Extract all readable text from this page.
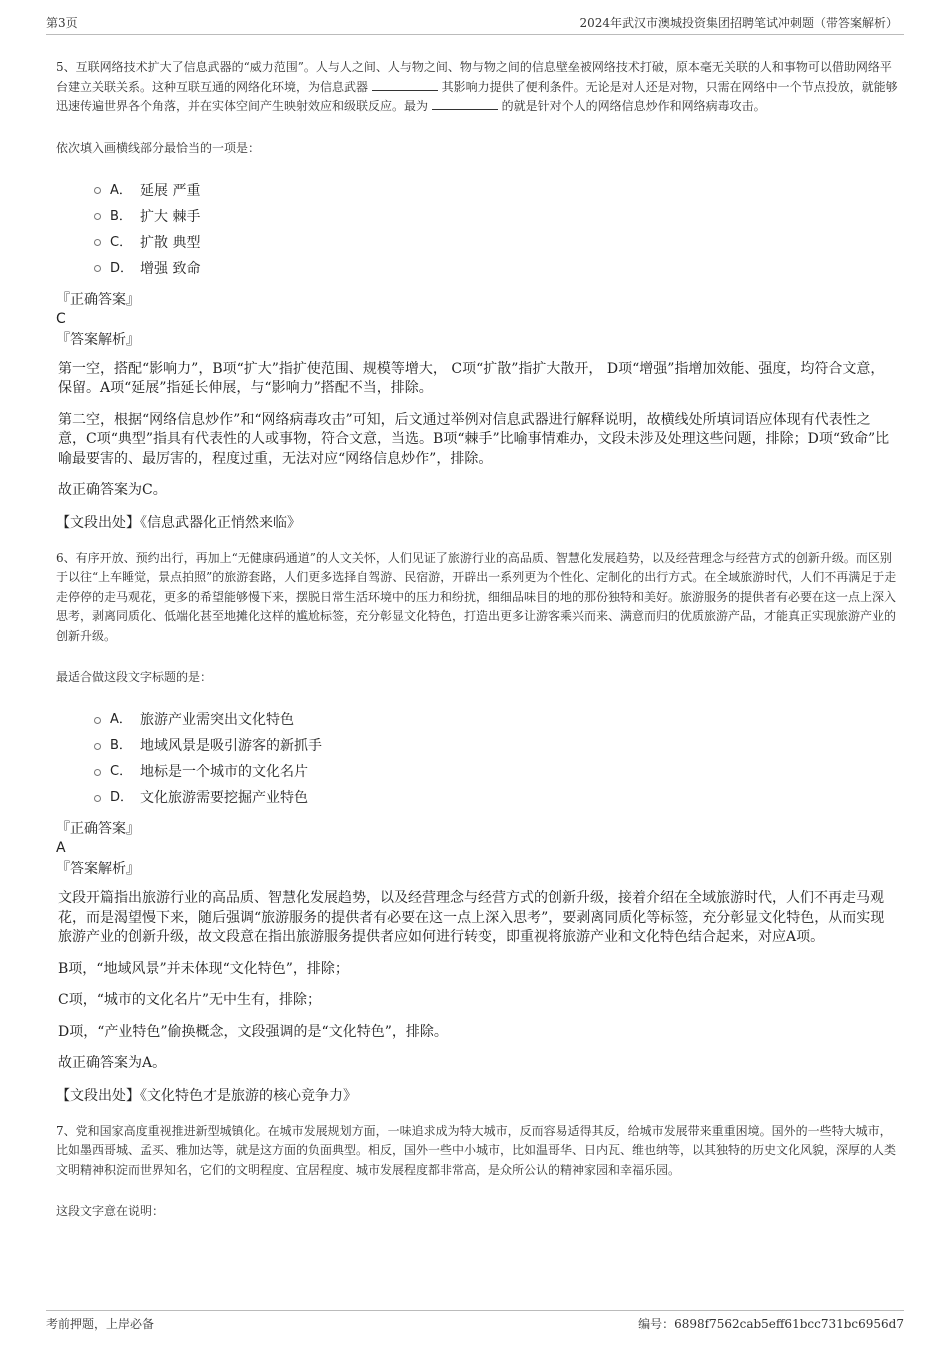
第3页	2024年武汉市澳城投资集团招聘笔试冲刺题（带答案解析）

5、互联网络技术扩大了信息武器的“威力范围”。人与人之间、人与物之间、物与物之间的信息壁垒被网络技术打破，原本毫无关联的人和事物可以借助网络平台建立关联关系。这种互联互通的网络化环境，为信息武器	其影响力提供了便利条件。无论是对人还是对物，只需在网络中一个节点投放，就能够迅速传遍世界各个角落，并在实体空间产生映射效应和级联反应。最为	的就是针对个人的网络信息炒作和网络病毒攻击。

依次填入画横线部分最恰当的一项是：

A． 延展 严重
B． 扩大 棘手
C． 扩散 典型
D． 增强 致命
『正确答案』
C
『答案解析』

第一空，搭配“影响力”，B项“扩大”指扩使范围、规模等增大， C项“扩散”指扩大散开， D项“增强”指增加效能、强度，均符合文意，保留。A项“延展”指延长伸展，与“影响力”搭配不当，排除。

第二空，根据“网络信息炒作”和“网络病毒攻击”可知，后文通过举例对信息武器进行解释说明，故横线处所填词语应体现有代表性之意，C项“典型”指具有代表性的人或事物，符合文意，当选。B项“棘手”比喻事情难办，文段未涉及处理这些问题，排除；D项“致命”比喻最要害的、最厉害的，程度过重，无法对应“网络信息炒作”，排除。

故正确答案为C。

【文段出处】《信息武器化正悄然来临》

6、有序开放、预约出行，再加上“无健康码通道”的人文关怀，人们见证了旅游行业的高品质、智慧化发展趋势，以及经营理念与经营方式的创新升级。而区别于以往“上车睡觉，景点拍照”的旅游套路，人们更多选择自驾游、民宿游，开辟出一系列更为个性化、定制化的出行方式。在全域旅游时代，人们不再满足于走走停停的走马观花，更多的希望能够慢下来，摆脱日常生活环境中的压力和纷扰，细细品味目的地的那份独特和美好。旅游服务的提供者有必要在这一点上深入思考，剥离同质化、低端化甚至地摊化这样的尴尬标签，充分彰显文化特色，打造出更多让游客乘兴而来、满意而归的优质旅游产品，才能真正实现旅游产业的创新升级。

最适合做这段文字标题的是：

A． 旅游产业需突出文化特色
B． 地域风景是吸引游客的新抓手
C． 地标是一个城市的文化名片
D． 文化旅游需要挖掘产业特色
『正确答案』
A
『答案解析』

文段开篇指出旅游行业的高品质、智慧化发展趋势，以及经营理念与经营方式的创新升级，接着介绍在全域旅游时代，人们不再走马观花，而是渴望慢下来，随后强调“旅游服务的提供者有必要在这一点上深入思考”，要剥离同质化等标签，充分彰显文化特色，从而实现旅游产业的创新升级，故文段意在指出旅游服务提供者应如何进行转变，即重视将旅游产业和文化特色结合起来，对应A项。

B项，“地域风景”并未体现“文化特色”，排除；

C项，“城市的文化名片”无中生有，排除；

D项，“产业特色”偷换概念，文段强调的是“文化特色”，排除。

故正确答案为A。

【文段出处】《文化特色才是旅游的核心竞争力》

7、党和国家高度重视推进新型城镇化。在城市发展规划方面，一味追求成为特大城市，反而容易适得其反，给城市发展带来重重困境。国外的一些特大城市，比如墨西哥城、孟买、雅加达等，就是这方面的负面典型。相反，国外一些中小城市，比如温哥华、日内瓦、维也纳等，以其独特的历史文化风貌，深厚的人类文明精神积淀而世界知名，它们的文明程度、宜居程度、城市发展程度都非常高，是众所公认的精神家园和幸福乐园。

这段文字意在说明：

考前押题，上岸必备	编号：6898f7562cab5eff61bcc731bc6956d7
